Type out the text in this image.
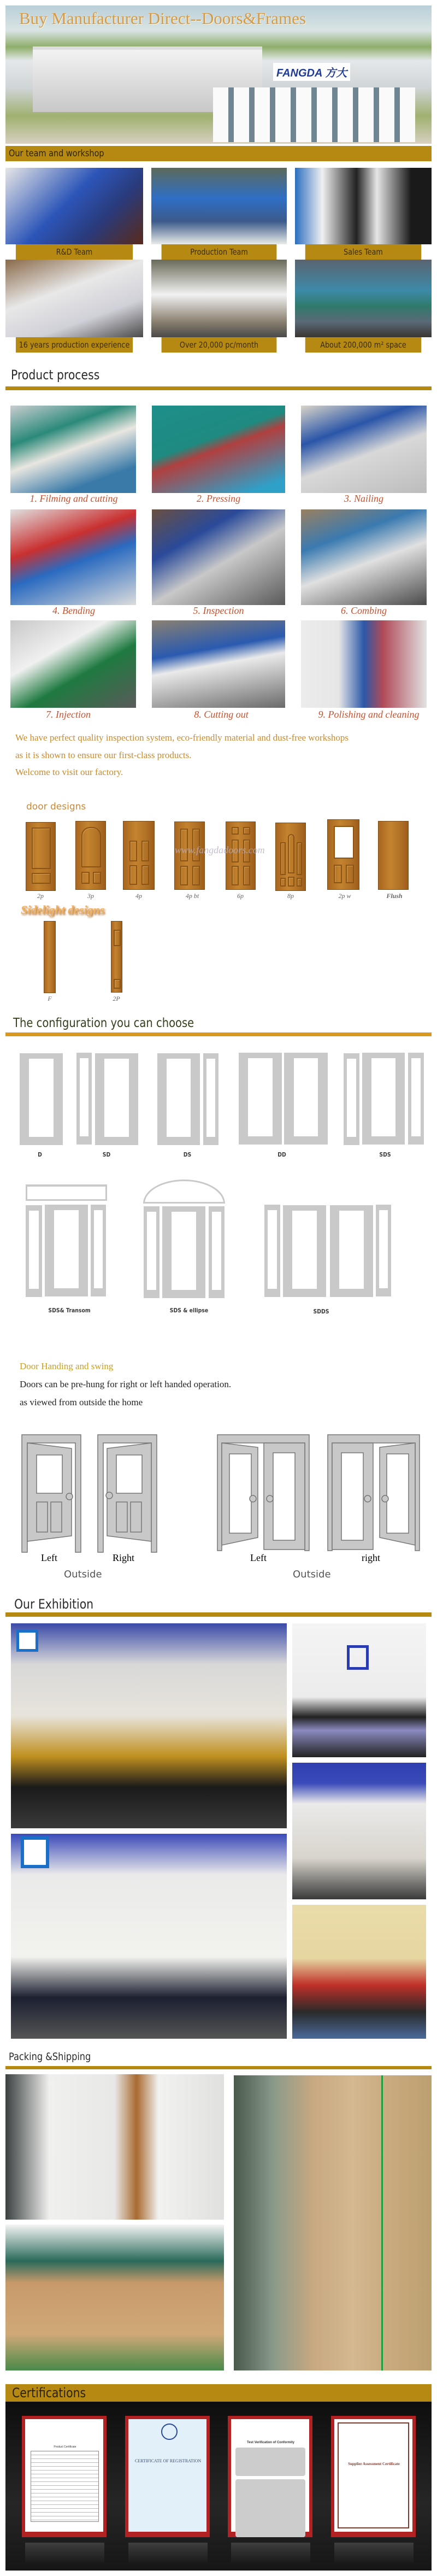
FANGDA 方大
Buy Manufacturer Direct--Doors&Frames
Our team and workshop
R&D Team	Production Team	Sales Team
16 years production experience	Over 20,000 pc/month	About 200,000 m² space
Product process
1. Filming and cutting	2. Pressing	3. Nailing
4. Bending	5. Inspection	6. Combing
7. Injection	8. Cutting out	9. Polishing and cleaning
We have perfect quality inspection system, eco-friendly material and dust-free workshops
as it is shown to ensure our first-class products.
Welcome to visit our factory.
door designs
2p	3p	4p	4p bt	6p	8p	2p w	Flush
www.fangdadoors.com
Sidelight designs
F	2P
The configuration you can choose
D	SD	DS	DD	SDS
SDS& Transom	SDS & ellipse	SDDS
Door Handing and swing
Doors can be pre-hung for right or left handed operation.
as viewed from outside the home
Left	Right
Outside
Left	right
Outside
Our Exhibition
Packing &Shipping
Certifications
Product Certificate
CERTIFICATE OF REGISTRATION
Test Verification of Conformity
Supplier Assessment Certificate
